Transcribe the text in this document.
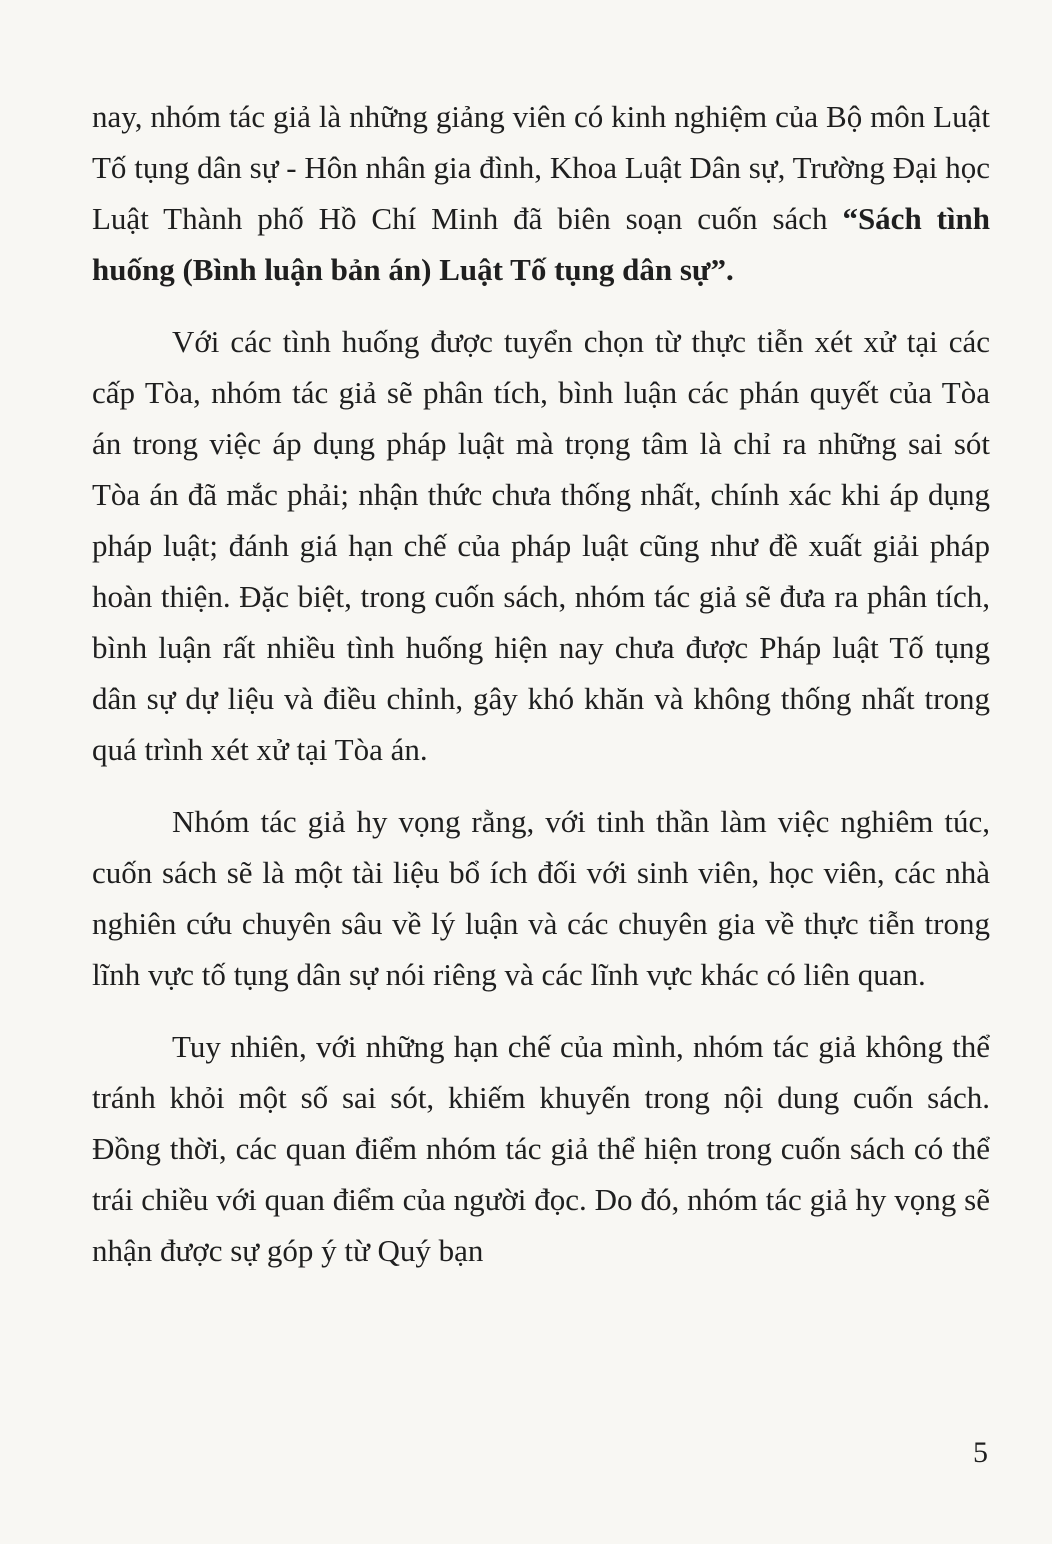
nay, nhóm tác giả là những giảng viên có kinh nghiệm của Bộ môn Luật Tố tụng dân sự - Hôn nhân gia đình, Khoa Luật Dân sự, Trường Đại học Luật Thành phố Hồ Chí Minh đã biên soạn cuốn sách “Sách tình huống (Bình luận bản án) Luật Tố tụng dân sự”.

Với các tình huống được tuyển chọn từ thực tiễn xét xử tại các cấp Tòa, nhóm tác giả sẽ phân tích, bình luận các phán quyết của Tòa án trong việc áp dụng pháp luật mà trọng tâm là chỉ ra những sai sót Tòa án đã mắc phải; nhận thức chưa thống nhất, chính xác khi áp dụng pháp luật; đánh giá hạn chế của pháp luật cũng như đề xuất giải pháp hoàn thiện. Đặc biệt, trong cuốn sách, nhóm tác giả sẽ đưa ra phân tích, bình luận rất nhiều tình huống hiện nay chưa được Pháp luật Tố tụng dân sự dự liệu và điều chỉnh, gây khó khăn và không thống nhất trong quá trình xét xử tại Tòa án.

Nhóm tác giả hy vọng rằng, với tinh thần làm việc nghiêm túc, cuốn sách sẽ là một tài liệu bổ ích đối với sinh viên, học viên, các nhà nghiên cứu chuyên sâu về lý luận và các chuyên gia về thực tiễn trong lĩnh vực tố tụng dân sự nói riêng và các lĩnh vực khác có liên quan.

Tuy nhiên, với những hạn chế của mình, nhóm tác giả không thể tránh khỏi một số sai sót, khiếm khuyến trong nội dung cuốn sách. Đồng thời, các quan điểm nhóm tác giả thể hiện trong cuốn sách có thể trái chiều với quan điểm của người đọc. Do đó, nhóm tác giả hy vọng sẽ nhận được sự góp ý từ Quý bạn

5
